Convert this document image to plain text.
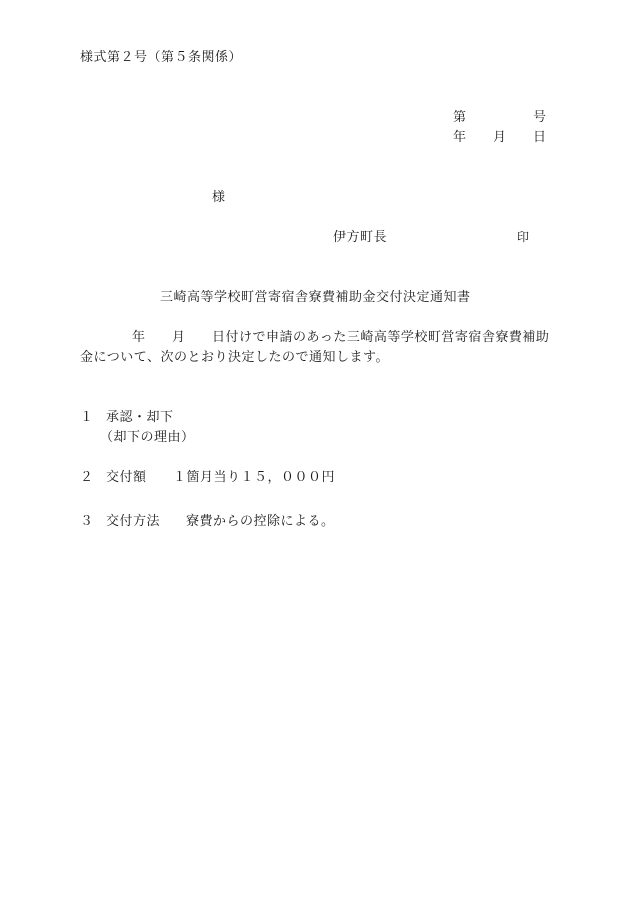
様式第２号（第５条関係）
第	号
年 月 日
様
伊方町長	印
三崎高等学校町営寄宿舎寮費補助金交付決定通知書
年 月 日付けで申請のあった三崎高等学校町営寄宿舎寮費補助
金について、次のとおり決定したので通知します。
１ 承認・却下
（却下の理由）
２ 交付額 １箇月当り１５，０００円
３ 交付方法 寮費からの控除による。
